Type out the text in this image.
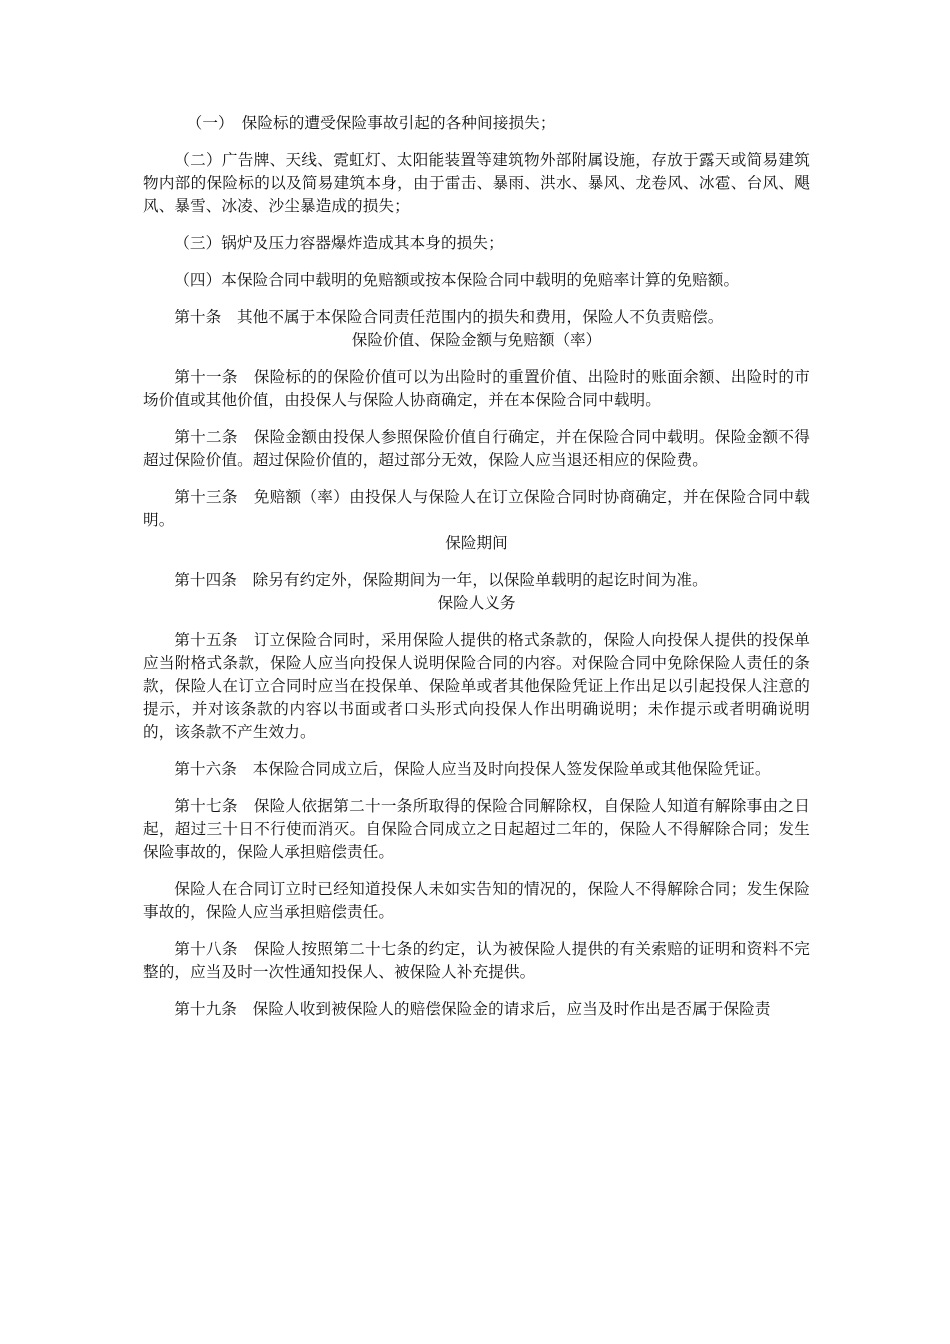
（一）　保险标的遭受保险事故引起的各种间接损失；

（二）广告牌、天线、霓虹灯、太阳能装置等建筑物外部附属设施，存放于露天或简易建筑物内部的保险标的以及简易建筑本身，由于雷击、暴雨、洪水、暴风、龙卷风、冰雹、台风、飓风、暴雪、冰凌、沙尘暴造成的损失；

（三）锅炉及压力容器爆炸造成其本身的损失；

（四）本保险合同中载明的免赔额或按本保险合同中载明的免赔率计算的免赔额。

第十条　其他不属于本保险合同责任范围内的损失和费用，保险人不负责赔偿。

保险价值、保险金额与免赔额（率）

第十一条　保险标的的保险价值可以为出险时的重置价值、出险时的账面余额、出险时的市场价值或其他价值，由投保人与保险人协商确定，并在本保险合同中载明。

第十二条　保险金额由投保人参照保险价值自行确定，并在保险合同中载明。保险金额不得超过保险价值。超过保险价值的，超过部分无效，保险人应当退还相应的保险费。

第十三条　免赔额（率）由投保人与保险人在订立保险合同时协商确定，并在保险合同中载明。

保险期间

第十四条　除另有约定外，保险期间为一年，以保险单载明的起讫时间为准。

保险人义务

第十五条　订立保险合同时，采用保险人提供的格式条款的，保险人向投保人提供的投保单应当附格式条款，保险人应当向投保人说明保险合同的内容。对保险合同中免除保险人责任的条款，保险人在订立合同时应当在投保单、保险单或者其他保险凭证上作出足以引起投保人注意的提示，并对该条款的内容以书面或者口头形式向投保人作出明确说明；未作提示或者明确说明的，该条款不产生效力。

第十六条　本保险合同成立后，保险人应当及时向投保人签发保险单或其他保险凭证。

第十七条　保险人依据第二十一条所取得的保险合同解除权，自保险人知道有解除事由之日起，超过三十日不行使而消灭。自保险合同成立之日起超过二年的，保险人不得解除合同；发生保险事故的，保险人承担赔偿责任。

保险人在合同订立时已经知道投保人未如实告知的情况的，保险人不得解除合同；发生保险事故的，保险人应当承担赔偿责任。

第十八条　保险人按照第二十七条的约定，认为被保险人提供的有关索赔的证明和资料不完整的，应当及时一次性通知投保人、被保险人补充提供。

第十九条　保险人收到被保险人的赔偿保险金的请求后，应当及时作出是否属于保险责
